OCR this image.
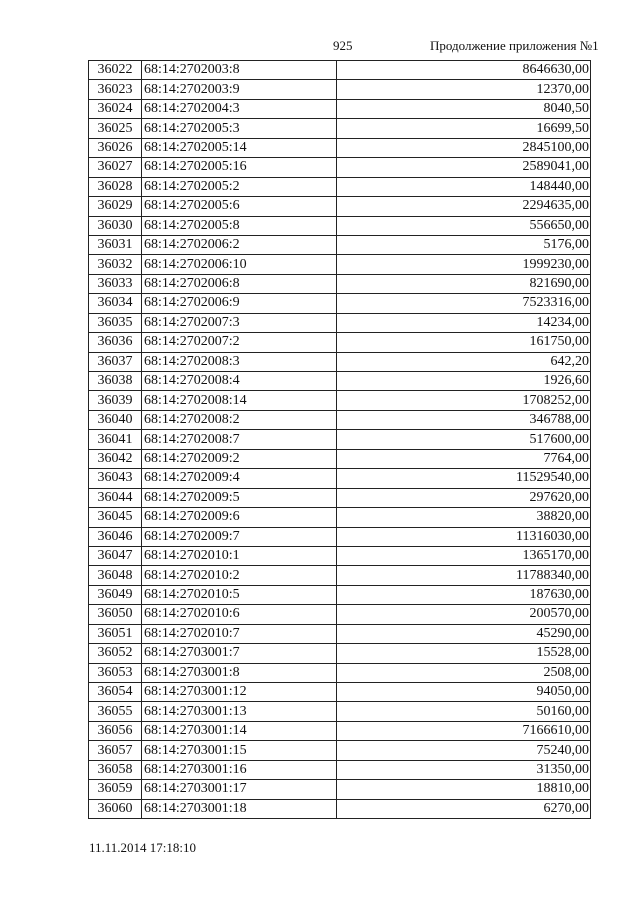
925	Продолжение приложения №1
36022	68:14:2702003:8	8646630,00
36023	68:14:2702003:9	12370,00
36024	68:14:2702004:3	8040,50
36025	68:14:2702005:3	16699,50
36026	68:14:2702005:14	2845100,00
36027	68:14:2702005:16	2589041,00
36028	68:14:2702005:2	148440,00
36029	68:14:2702005:6	2294635,00
36030	68:14:2702005:8	556650,00
36031	68:14:2702006:2	5176,00
36032	68:14:2702006:10	1999230,00
36033	68:14:2702006:8	821690,00
36034	68:14:2702006:9	7523316,00
36035	68:14:2702007:3	14234,00
36036	68:14:2702007:2	161750,00
36037	68:14:2702008:3	642,20
36038	68:14:2702008:4	1926,60
36039	68:14:2702008:14	1708252,00
36040	68:14:2702008:2	346788,00
36041	68:14:2702008:7	517600,00
36042	68:14:2702009:2	7764,00
36043	68:14:2702009:4	11529540,00
36044	68:14:2702009:5	297620,00
36045	68:14:2702009:6	38820,00
36046	68:14:2702009:7	11316030,00
36047	68:14:2702010:1	1365170,00
36048	68:14:2702010:2	11788340,00
36049	68:14:2702010:5	187630,00
36050	68:14:2702010:6	200570,00
36051	68:14:2702010:7	45290,00
36052	68:14:2703001:7	15528,00
36053	68:14:2703001:8	2508,00
36054	68:14:2703001:12	94050,00
36055	68:14:2703001:13	50160,00
36056	68:14:2703001:14	7166610,00
36057	68:14:2703001:15	75240,00
36058	68:14:2703001:16	31350,00
36059	68:14:2703001:17	18810,00
36060	68:14:2703001:18	6270,00
11.11.2014 17:18:10
